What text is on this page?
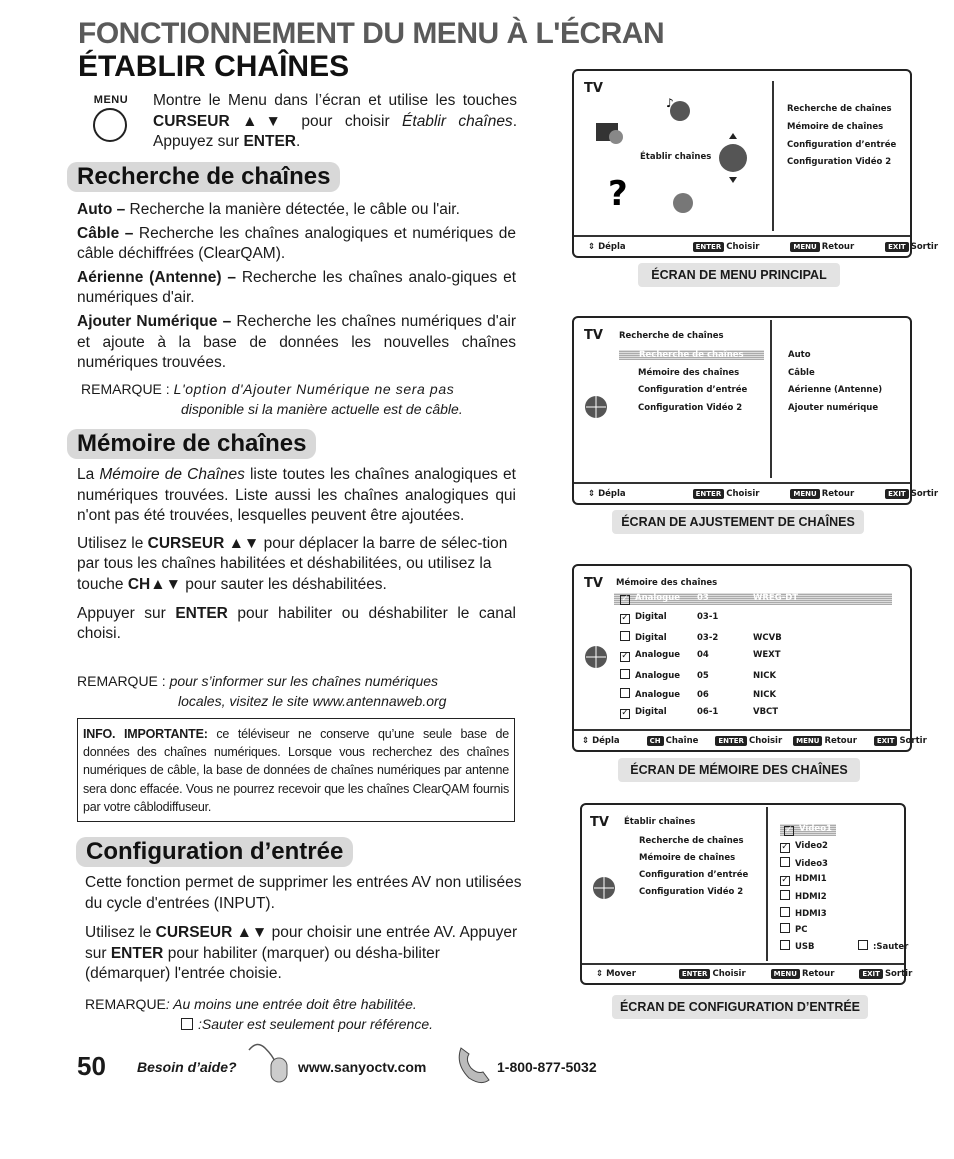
FONCTIONNEMENT DU MENU À L'ÉCRAN
ÉTABLIR CHAÎNES
MENU	Montre le Menu dans l’écran et utilise les touches CURSEUR ▲▼ pour choisir Établir chaînes. Appuyez sur ENTER.
Recherche de chaînes
Auto – Recherche la manière détectée, le câble ou l'air.
Câble – Recherche les chaînes analogiques et numériques de câble déchiffrées (ClearQAM).
Aérienne (Antenne) – Recherche les chaînes analo-giques et numériques d'air.
Ajouter Numérique – Recherche les chaînes numériques d'air et ajoute à la base de données les nouvelles chaînes numériques trouvées.
REMARQUE : L'option d'Ajouter Numérique ne sera pas
disponible si la manière actuelle est de câble.
Mémoire de chaînes
La Mémoire de Chaînes liste toutes les chaînes analogiques et numériques trouvées. Liste aussi les chaînes analogiques qui n'ont pas été trouvées, lesquelles peuvent être ajoutées.
Utilisez le CURSEUR ▲▼ pour déplacer la barre de sélec-tion par tous les chaînes habilitées et déshabilitées, ou utilisez la touche CH▲▼ pour sauter les déshabilitées.
Appuyer sur ENTER pour habiliter ou déshabiliter le canal choisi.
REMARQUE : pour s’informer sur les chaînes numériques
locales, visitez le site www.antennaweb.org
INFO. IMPORTANTE: ce téléviseur ne conserve qu’une seule base de données des chaînes numériques. Lorsque vous recherchez des chaînes numériques de câble, la base de données de chaînes numériques par antenne sera donc effacée. Vous ne pourrez recevoir que les chaînes ClearQAM fournis par votre câblodiffuseur.
Configuration d’entrée
Cette fonction permet de supprimer les entrées AV non utilisées du cycle d'entrées (INPUT).
Utilisez le CURSEUR ▲▼ pour choisir une entrée AV. Appuyer sur ENTER pour habiliter (marquer) ou désha-biliter (démarquer) l'entrée choisie.
REMARQUE: Au moins une entrée doit être habilitée.
:Sauter est seulement pour référence.
50 Besoin d’aide?	www.sanyoctv.com	1-800-877-5032
TV
♪
?
Établir chaînes
Recherche de chaînes
Mémoire de chaînes
Configuration d’entrée
Configuration Vidéo 2
⇕ Dépla	ENTER Choisir	MENU Retour	EXIT Sortir
ÉCRAN DE MENU PRINCIPAL
TV Recherche de chaînes
Recherche de chaînes
Mémoire des chaînes
Configuration d’entrée
Configuration Vidéo 2
Auto
Câble
Aérienne (Antenne)
Ajouter numérique
⇕ Dépla	ENTER Choisir	MENU Retour	EXIT Sortir
ÉCRAN DE AJUSTEMENT DE CHAÎNES
TV Mémoire des chaînes
✓ Analogue 03	WREG-DT
✓ Digital	03-1
Digital	03-2	WCVB
✓ Analogue 04	WEXT
Analogue 05	NICK
Analogue 06	NICK
✓ Digital	06-1	VBCT
⇕ Dépla	CH Chaîne	ENTER Choisir MENU Retour	EXIT Sortir
ÉCRAN DE MÉMOIRE DES CHAÎNES
TV Établir chaînes
Recherche de chaînes
Mémoire de chaînes
Configuration d’entrée
Configuration Vidéo 2
✓ Video1
✓ Video2
Video3
✓ HDMI1
HDMI2
HDMI3
PC
USB	:Sauter
⇕ Mover	ENTER Choisir	MENU Retour	EXIT Sortir
ÉCRAN DE CONFIGURATION D’ENTRÉE
